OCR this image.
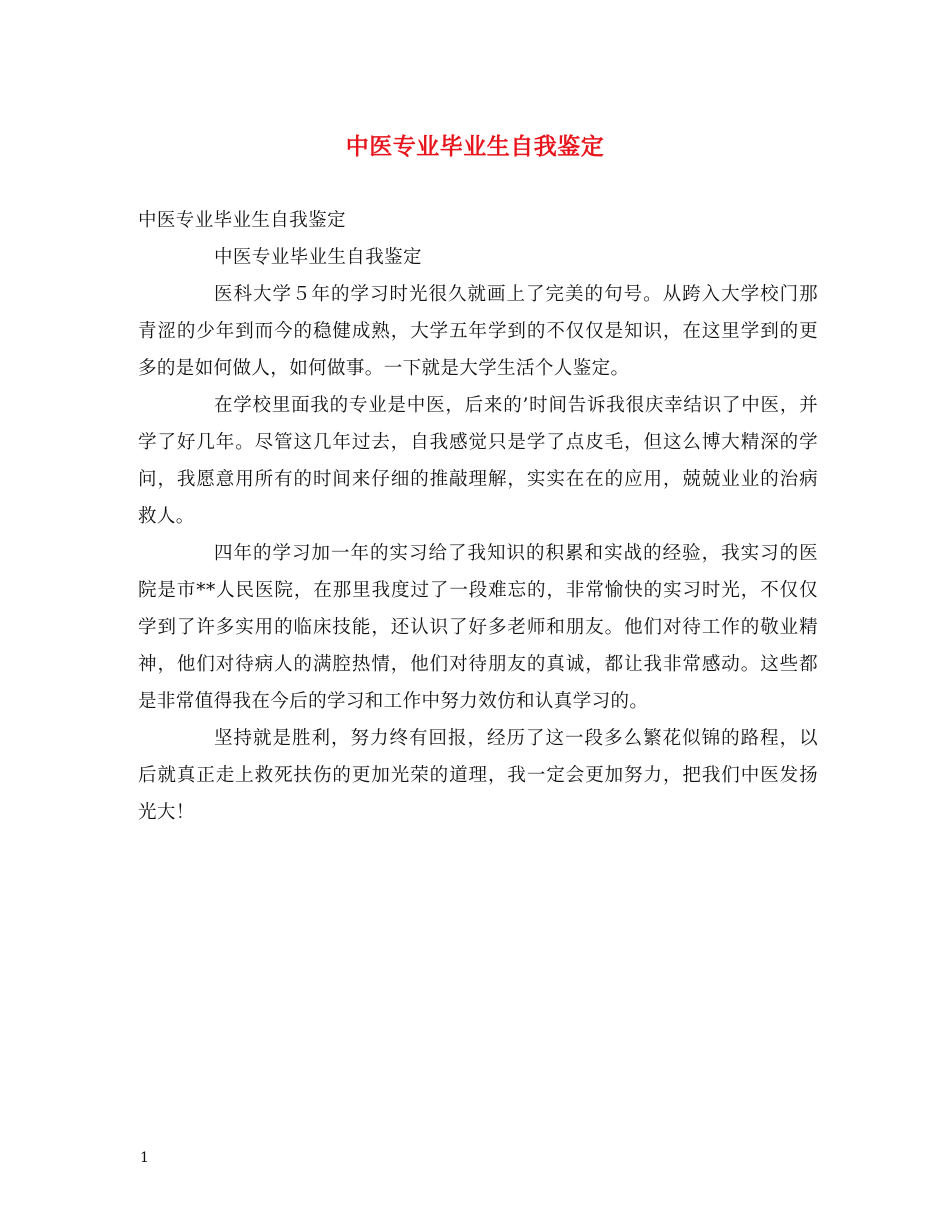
中医专业毕业生自我鉴定

中医专业毕业生自我鉴定

中医专业毕业生自我鉴定

医科大学５年的学习时光很久就画上了完美的句号。从跨入大学校门那青涩的少年到而今的稳健成熟，大学五年学到的不仅仅是知识，在这里学到的更多的是如何做人，如何做事。一下就是大学生活个人鉴定。

在学校里面我的专业是中医，后来的’时间告诉我很庆幸结识了中医，并学了好几年。尽管这几年过去，自我感觉只是学了点皮毛，但这么博大精深的学问，我愿意用所有的时间来仔细的推敲理解，实实在在的应用，兢兢业业的治病救人。

四年的学习加一年的实习给了我知识的积累和实战的经验，我实习的医院是市**人民医院，在那里我度过了一段难忘的，非常愉快的实习时光，不仅仅学到了许多实用的临床技能，还认识了好多老师和朋友。他们对待工作的敬业精神，他们对待病人的满腔热情，他们对待朋友的真诚，都让我非常感动。这些都是非常值得我在今后的学习和工作中努力效仿和认真学习的。

坚持就是胜利，努力终有回报，经历了这一段多么繁花似锦的路程，以后就真正走上救死扶伤的更加光荣的道理，我一定会更加努力，把我们中医发扬光大！

1
